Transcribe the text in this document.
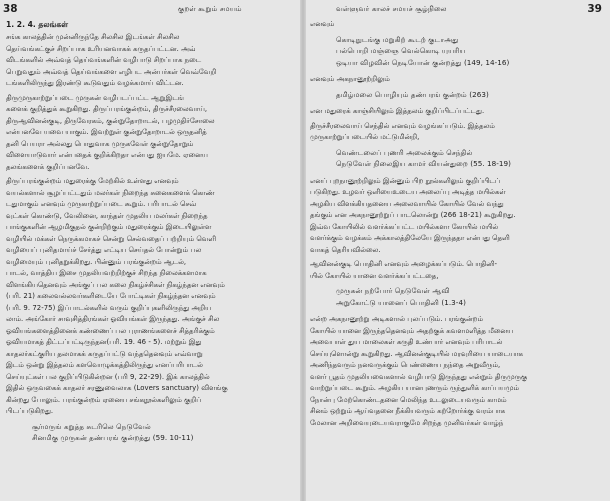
38	குறள் கூறும் சமயம்
1. 2. 4. தலங்கள்

சங்க காலத்தின் முன்னிருந்தே சிலசில இடங்கள் சிலசில

தெய்வங்கட்குச் சிறப்பாக உரியனவாகக் கருதப்பட்டன. அவ்

விடங்களில் அவ்வத் தெய்வங்களின் வழிபாடு சிறப்பாக நடை

பெறுவதும் அவ்வத் தெய்வங்களை எழிபட அன்பர்கள் வெவ்வேறி

டங்களிலிருந்து இரண்டு கூடுவதும் வழக்கமாய் விட்டன.

திருமுருகாற்றுப்படை முருகன் வழிபடப்பட்ட ஆறுஇடங்

களைக் குறித்துக் கூறுகிறது. திருப்பரங்குன்றம், திருச்சீரலைவாய்,

திருஆவினன்குடி, திருவேரகம், குன்றுதோறாடல், பழமுதிர்சோலை

என்பனவே யவை யாகும். இவற்றுள் குன்றுதோறாடல் ஒருதனித்

தனி பெயரா அல்லது பொதுவாக முருகவேள் குன்றுதோறும்

விளையாடுவார் என்பதைக் குறிக்கிறதா என்பது ஐயமே. ஏனைய

தலங்களைக் குறிப்பனவே.

திருப்பரங்குன்றம் மதுரைக்கு மேற்கில் உள்ளது எனவும்

வயல்களால் சூழப்பட்டதும் மலர்கள் நிறைந்த சுனைகளைக் கொண்

டதுமாகும் எனவும் முருகாற்றுப்படை கூறும். பரிபாடல் செவ்

வுட்கள் கொண்டு, வேலினை, காந்தள் முதலிய மலர்கள் நிறைந்த

பாங்குகளின் ஆழமிகுதல் குன்றிற்கும் மதுரைக்கும் இடையிலுள்ள

வழியில் மக்கள் நெருக்கமாகச் சென்று செல்வதைப் பற்றியும் வெளி

வழியைப் புனிதமாய்ச் சேர்த்து எட்டிய செய்தல் போன்றும் பல

வழிமையும் புனிதறுக்கிறது. பின்னும் பரங்குன்றம் ஆடல்,

பாடல், வாத்திய இசை முதலியவற்றிற்குச் சிறந்த நிலைக்களமாக

விளங்கியதெனவும் அங்குப் பல கலை நிகழ்ச்சிகள் நிகழ்ந்தன எனவும்

(பரி. 21) கலைவல்லவர்களிடையே போட்டிகள் நிகழ்ந்தன எனவும்

(பரி. 9. 72-75) இப்பாடல்களில் வரும் குறிப்புகளிலிருந்து அறிய

லாம். அங்கோர் சாவுசித்திரங்கள் ஓவியங்கள் இருந்தது. அங்குச் சில

ஓவியங்களைத்தினைக் கண்ணைப் பல புராணங்களைச் சித்தரிக்கும்

ஓவியமாகத் திட்டப்பட்டிருந்தன(பரி. 19. 46 - 5). மற்றும் இது

காதலர்கட்குரிய தலமாகக் கருதப்பட்டு வந்ததெனவும் எவ்வாறு

இடம் ஒன்று இத்தலம் களவொழுக்கத்திலிருந்து எனப்பரிபாடல்

செய்யுட்கள் பல குறிப்பிடுகின்றன (பரி 9, 22-29). இக் காலத்தில்

இதில் ஒருவகைக் காதலர் சரணுவைலாக (Lovers sanctuary) விளங்கு

கின்றது போலும். பரங்குன்றம் ஏனைய சங்கநூல்களிலும் குறிப்

பிடப்படுகிறது.

சூர்மருங் கறுத்த சுடரிலெ நெடுவேல்

சினமிகு முருகன் தண்பரங் குன்றத்து (59. 10-11)

வள்ளுவர் காலச் சமயச் சூழ்நிலை	39

எனவும்

கொடிநுடங்கு மறுகிற் கூடற் குடாஅது

பல்பொறி மஞ்ஞை வெல்கொடி யுயரிய

ஒடியா விழவின் நெடியோன் குன்றத்து (149, 14-16)

எனவும் அகநானூற்றிலும்

தமிழ்மலை பொழியும் தண்பரங் குன்றம் (263)

என மதுரைக் காஞ்சியிலும் இத்தலம் குறிப்பிடப்பட்டது.

திருச்சீரலைவாய் செந்தில் எனவும் வழங்கப்படும். இத்தலம்

முருகாற்றுப்படையில் மட்டுமின்றி,

வெண்டலைப் புணரி அலைக்கும் செந்தில்

நெடுவேள் நிலைஇய காமர் வியன்துறை (55. 18-19)

எனப் புறநானூற்றிலும் இன்னும் பிற நூல்களிலும் குறிப்பிடப்

படுகிறது. உழவர் ஒளியைஉடைய அலைப்பு அடித்த மயில்கள்

அழகிய விளக்கியதனைய அலைவாயில் கோயில் வேல் வந்து

தங்கும் என அகநானூற்றுப் பாடலொன்று (266 18-21) கூறுகிறது.

இவ்வ கோயிலில் வளர்க்கப்பட்ட மயில்களா கோயில் மயில்

வளர்க்கும் வழக்கம் அக்காலத்திலேயே இருந்ததா என்பது தெளி

வாகத் தெரியவில்லை.

ஆவினன்குடி பொதினி எனவும் அழைக்கப்படும். பொதினி-

யில் கோயில் யானை வளர்க்கப்பட்டதை,

முருகன் நற்போர் நெடுவேள் ஆவி

அறுகோட்டு யானைப் பொதினி (1.3-4)

என்ற அகநானூற்று அடிகளால் புலப்படும். பரங்குன்றம்

கோயில் யானை இருந்ததெனவும் அதற்குக் கவளமளித்த மீனைய

அவைபாள் துய மாலைகள் கருதி உண்பார் எனவும் பரிபாடல்

செய்யுளொன்று கூறுகிறது. ஆவினன்குடியில் மரவுரியை யாடையாக

அணிந்தவரும் நனவருக்கும் பெண்ணைய நந்தை அறுவீரும்,

வளர் பூதம் முதலியவைகளால் வழிபாடு இருந்தது என்றும் திருமுருகு

வாற்றுப்படை கூறும். அழகிய யானபுணரும் ருந்துளிக் காப்பயமும்

நோன்பு மேற்கொண்டதனை மெலிந்த உடலுடையவரும் காமம்

சினம் ஒற்றும் ஆய்வதனை நீக்கியவரும் கற்றோர்க்கு வரம்பாக

மேலான அறிவையுடையவராகுமே சிறந்த முனிவர்கள் வாழ்ந்
